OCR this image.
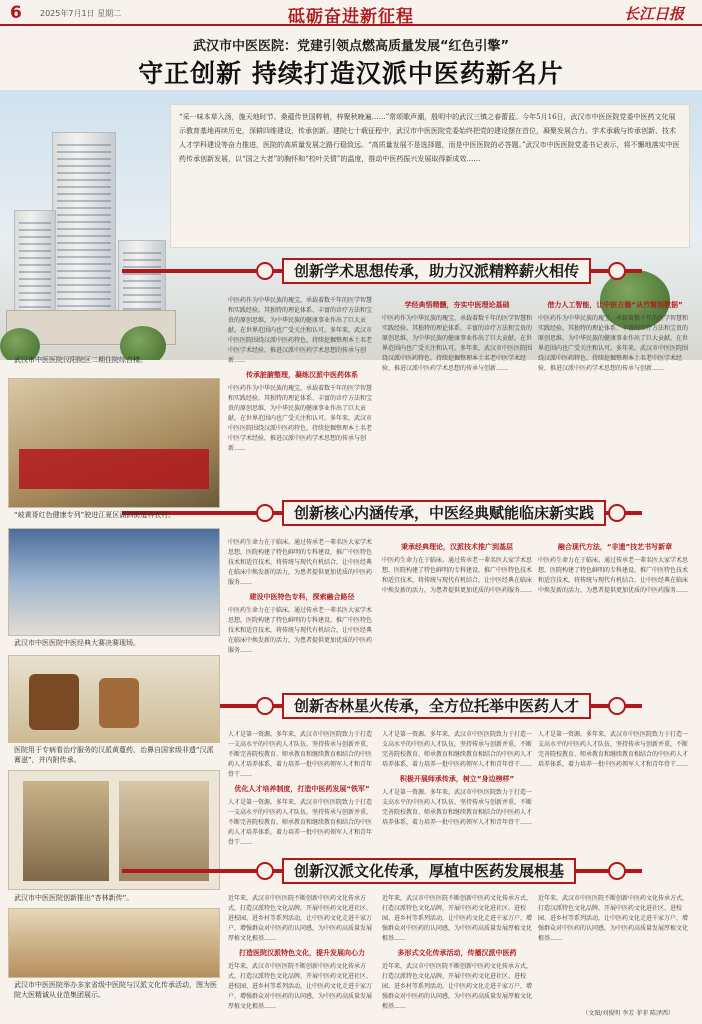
6 2025年7月1日 星期二	砥砺奋进新征程	长江日报
武汉市中医医院：党建引领点燃高质量发展“红色引擎”
守正创新 持续打造汉派中医药新名片
“采一味本草入汤，施天地时节。桑蕴传世国粹梢，梓聚秋晚遍……”常颂歌声潮，殷明中的武汉三镇之春蕾蓝。今年5月16日，武汉市中医医院党委中医药文化展示教育基地再续历史，深耕四维建设，传承创新。建院七十载征程中，武汉市中医医院党委始终把党的建设摆在首位，凝聚发展合力。学术承载与传承创新、技术人才学科建设等奋力推进，医院的高质量发展之路行稳致远。“高质量发展不是选择题，而是中医医院的必答题。”武汉市中医医院党委书记表示，将不懈地落实中医药传承创新发展，以“国之大者”的胸怀和“校叶关情”的温度，推动中医药振兴发展取得新成效……
武汉市中医医院汉阳院区二期住院综合楼。
创新学术思想传承，助力汉派精粹薪火相传
中医药作为中华民族的瑰宝，承载着数千年的医学智慧和实践经验。其独特的理论体系、丰富的诊疗方法和宝贵的原创思维，为中华民族的健康事业作出了巨大贡献。在世界范围内也广受关注和认可。多年来，武汉市中医医院围绕汉派中医药特色，持续挖掘整理本土名老中医学术经验，推进汉派中医药学术思想的传承与创新……
传承脏腑整理，凝练汉派中医药体系
中医药作为中华民族的瑰宝，承载着数千年的医学智慧和实践经验。其独特的理论体系、丰富的诊疗方法和宝贵的原创思维，为中华民族的健康事业作出了巨大贡献。在世界范围内也广受关注和认可。多年来，武汉市中医医院围绕汉派中医药特色，持续挖掘整理本土名老中医学术经验，推进汉派中医药学术思想的传承与创新……
学经典悟精髓，夯实中医理论基础
中医药作为中华民族的瑰宝，承载着数千年的医学智慧和实践经验。其独特的理论体系、丰富的诊疗方法和宝贵的原创思维，为中华民族的健康事业作出了巨大贡献。在世界范围内也广受关注和认可。多年来，武汉市中医医院围绕汉派中医药特色，持续挖掘整理本土名老中医学术经验，推进汉派中医药学术思想的传承与创新……
借力人工智能，让中医古籍“从竹简到数据”
中医药作为中华民族的瑰宝，承载着数千年的医学智慧和实践经验。其独特的理论体系、丰富的诊疗方法和宝贵的原创思维，为中华民族的健康事业作出了巨大贡献。在世界范围内也广受关注和认可。多年来，武汉市中医医院围绕汉派中医药特色，持续挖掘整理本土名老中医学术经验，推进汉派中医药学术思想的传承与创新……
创新核心内涵传承，中医经典赋能临床新实践
“岐黄哥红色健康专列”驶进江夏区湖泗街道科农村。
武汉市中医医院中医经典大赛决赛现场。
中医药生命力在于临床。通过传承老一辈名医大家学术思想，医院构建了特色鲜明的专科建设，推广中医特色技术和适宜技术，将传统与现代有机结合，让中医经典在临床中焕发新的活力，为患者提供更加优质的中医药服务……
建设中医特色专科，探索融合路径
中医药生命力在于临床。通过传承老一辈名医大家学术思想，医院构建了特色鲜明的专科建设，推广中医特色技术和适宜技术，将传统与现代有机结合，让中医经典在临床中焕发新的活力，为患者提供更加优质的中医药服务……
秉承经典理论，汉派技术推广到基层
中医药生命力在于临床。通过传承老一辈名医大家学术思想，医院构建了特色鲜明的专科建设，推广中医特色技术和适宜技术，将传统与现代有机结合，让中医经典在临床中焕发新的活力，为患者提供更加优质的中医药服务……
融合现代方法，“非遗”技艺书写新章
中医药生命力在于临床。通过传承老一辈名医大家学术思想，医院构建了特色鲜明的专科建设，推广中医特色技术和适宜技术，将传统与现代有机结合，让中医经典在临床中焕发新的活力，为患者提供更加优质的中医药服务……
创新杏林星火传承，全方位托举中医药人才
医院用于专病看治疗服务的汉派黄蔓药，治鼻自国家级非遗“汉派膏滋”，并内附传承。
武汉市中医医院创新推出“杏林新传”。
人才是第一资源。多年来，武汉市中医医院致力于打造一支高水平的中医药人才队伍，坚持传承与创新并重，不断完善院校教育、师承教育和继续教育相结合的中医药人才培养体系，着力培养一批中医药领军人才和青年骨干……
优化人才培养制度，打造中医药发展“铁军”
人才是第一资源。多年来，武汉市中医医院致力于打造一支高水平的中医药人才队伍，坚持传承与创新并重，不断完善院校教育、师承教育和继续教育相结合的中医药人才培养体系，着力培养一批中医药领军人才和青年骨干……
人才是第一资源。多年来，武汉市中医医院致力于打造一支高水平的中医药人才队伍，坚持传承与创新并重，不断完善院校教育、师承教育和继续教育相结合的中医药人才培养体系，着力培养一批中医药领军人才和青年骨干……
积极开展师承传承，树立“身边榜样”
人才是第一资源。多年来，武汉市中医医院致力于打造一支高水平的中医药人才队伍，坚持传承与创新并重，不断完善院校教育、师承教育和继续教育相结合的中医药人才培养体系，着力培养一批中医药领军人才和青年骨干……
人才是第一资源。多年来，武汉市中医医院致力于打造一支高水平的中医药人才队伍，坚持传承与创新并重，不断完善院校教育、师承教育和继续教育相结合的中医药人才培养体系，着力培养一批中医药领军人才和青年骨干……
创新汉派文化传承，厚植中医药发展根基
武汉市中医医院举办多家省级中医院与汉派文化传承活动，图为医院大医精诚从业范集团展示。
近年来，武汉市中医医院不断创新中医药文化传承方式，打造汉派特色文化品牌，开展中医药文化进社区、进校园、进乡村等系列活动，让中医药文化走进千家万户，增强群众对中医药的认同感，为中医药高质量发展厚植文化根基……
打造医院汉派特色文化，提升发展向心力
近年来，武汉市中医医院不断创新中医药文化传承方式，打造汉派特色文化品牌，开展中医药文化进社区、进校园、进乡村等系列活动，让中医药文化走进千家万户，增强群众对中医药的认同感，为中医药高质量发展厚植文化根基……
近年来，武汉市中医医院不断创新中医药文化传承方式，打造汉派特色文化品牌，开展中医药文化进社区、进校园、进乡村等系列活动，让中医药文化走进千家万户，增强群众对中医药的认同感，为中医药高质量发展厚植文化根基……
多形式文化传承活动，传播汉派中医药
近年来，武汉市中医医院不断创新中医药文化传承方式，打造汉派特色文化品牌，开展中医药文化进社区、进校园、进乡村等系列活动，让中医药文化走进千家万户，增强群众对中医药的认同感，为中医药高质量发展厚植文化根基……
近年来，武汉市中医医院不断创新中医药文化传承方式，打造汉派特色文化品牌，开展中医药文化进社区、进校园、进乡村等系列活动，让中医药文化走进千家万户，增强群众对中医药的认同感，为中医药高质量发展厚植文化根基……
（文图/刘俊明 李芳 菲菲 陈泽西）
